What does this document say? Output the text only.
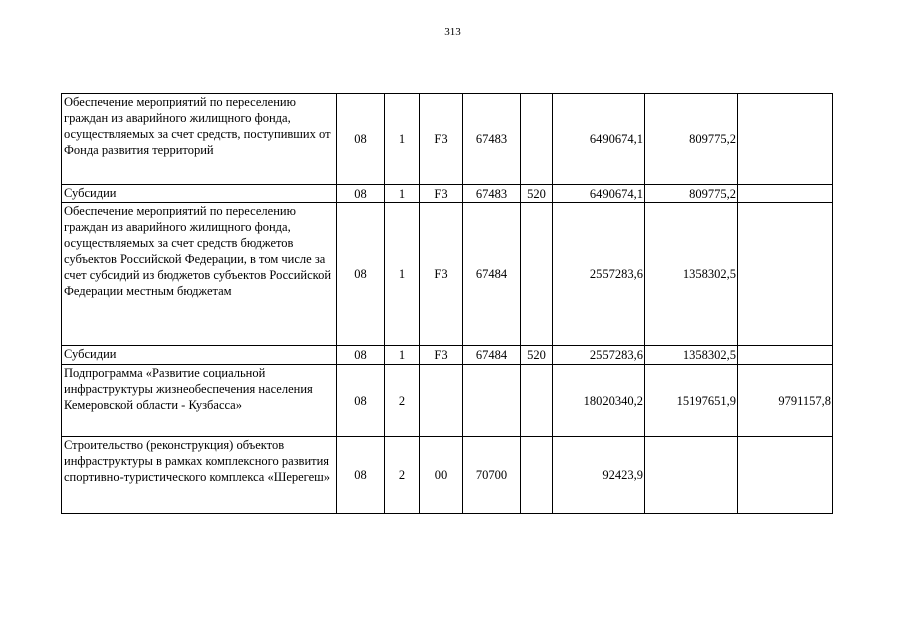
313
Обеспечение мероприятий по переселению граждан из аварийного жилищного фонда, осуществляемых за счет средств, поступивших от Фонда развития территорий	08	1	F3	67483		6490674,1	809775,2	
Субсидии	08	1	F3	67483	520	6490674,1	809775,2	
Обеспечение мероприятий по переселению граждан из аварийного жилищного фонда, осуществляемых за счет средств бюджетов субъектов Российской Федерации, в том числе за счет субсидий из бюджетов субъектов Российской Федерации местным бюджетам	08	1	F3	67484		2557283,6	1358302,5	
Субсидии	08	1	F3	67484	520	2557283,6	1358302,5	
Подпрограмма «Развитие социальной инфраструктуры жизнеобеспечения населения Кемеровской области - Кузбасса»	08	2				18020340,2	15197651,9	9791157,8
Строительство (реконструкция) объектов инфраструктуры в рамках комплексного развития спортивно-туристического комплекса «Шерегеш»	08	2	00	70700		92423,9		
